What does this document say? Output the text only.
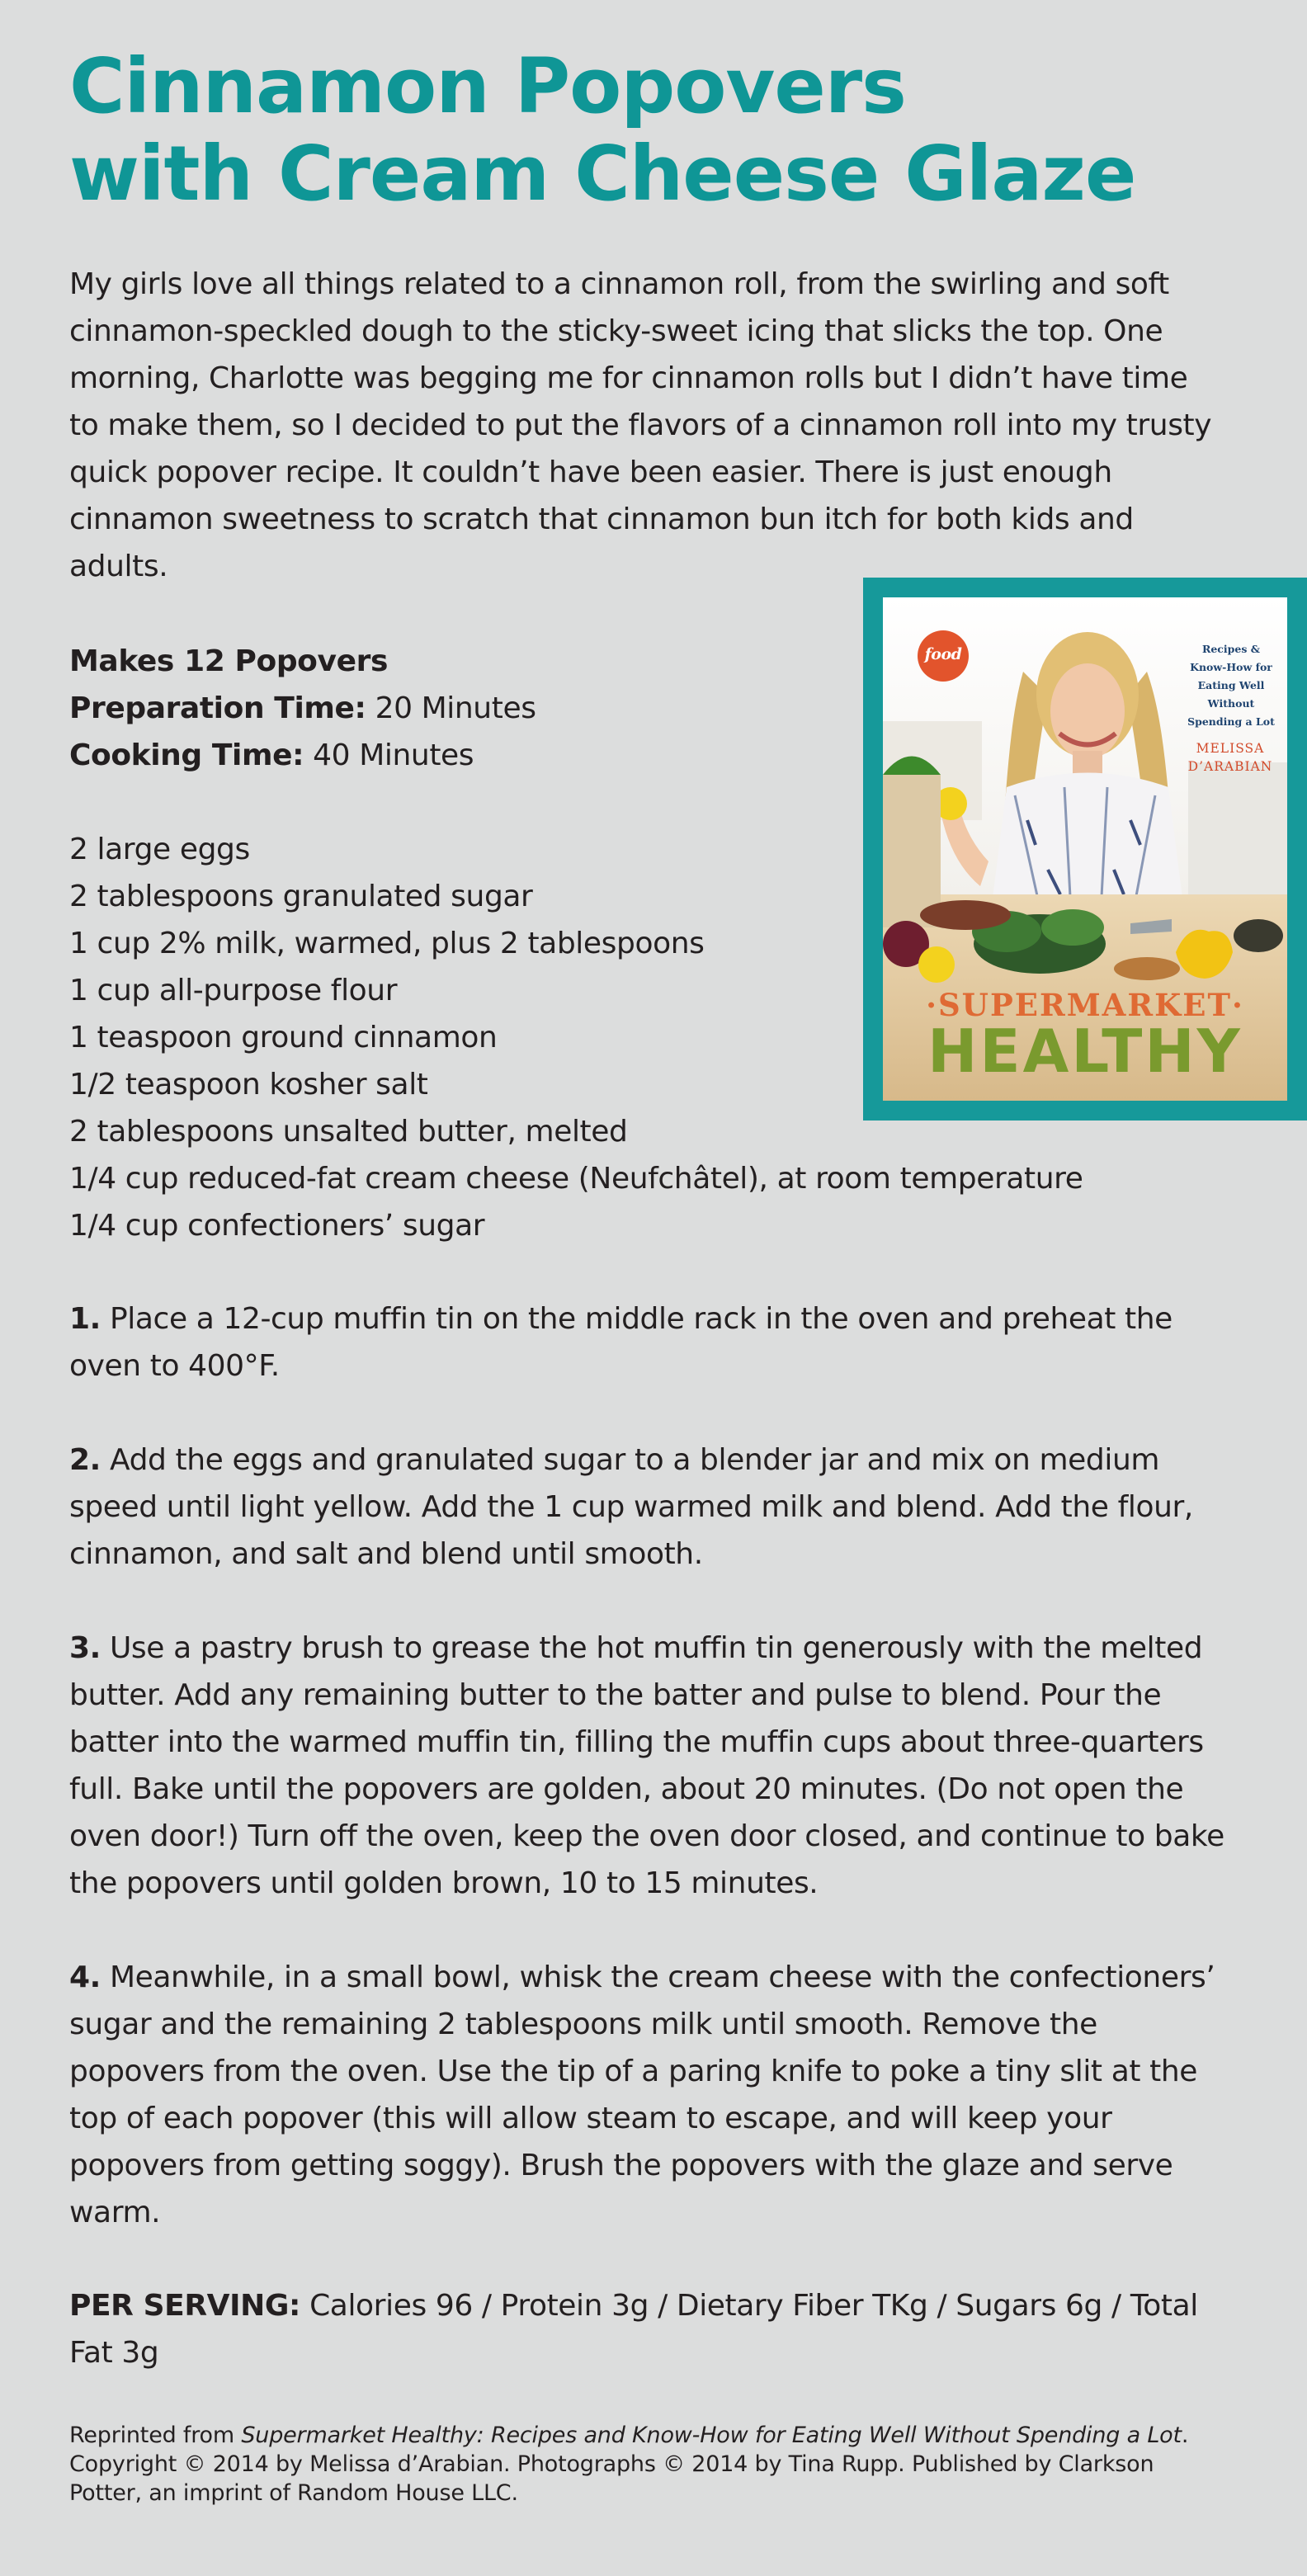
Cinnamon Popovers
with Cream Cheese Glaze

My girls love all things related to a cinnamon roll, from the swirling and soft cinnamon-speckled dough to the sticky-sweet icing that slicks the top. One morning, Charlotte was begging me for cinnamon rolls but I didn’t have time to make them, so I decided to put the flavors of a cinnamon roll into my trusty quick popover recipe. It couldn’t have been easier. There is just enough cinnamon sweetness to scratch that cinnamon bun itch for both kids and adults.

Makes 12 Popovers
Preparation Time: 20 Minutes
Cooking Time: 40 Minutes
2 large eggs
2 tablespoons granulated sugar
1 cup 2% milk, warmed, plus 2 tablespoons
1 cup all-purpose flour
1 teaspoon ground cinnamon
1/2 teaspoon kosher salt
2 tablespoons unsalted butter, melted
1/4 cup reduced-fat cream cheese (Neufchâtel), at room temperature
1/4 cup confectioners’ sugar

1. Place a 12-cup muffin tin on the middle rack in the oven and preheat the oven to 400°F.

2. Add the eggs and granulated sugar to a blender jar and mix on medium speed until light yellow. Add the 1 cup warmed milk and blend. Add the flour, cinnamon, and salt and blend until smooth.

3. Use a pastry brush to grease the hot muffin tin generously with the melted butter. Add any remaining butter to the batter and pulse to blend. Pour the batter into the warmed muffin tin, filling the muffin cups about three-quarters full. Bake until the popovers are golden, about 20 minutes. (Do not open the oven door!) Turn off the oven, keep the oven door closed, and continue to bake the popovers until golden brown, 10 to 15 minutes.

4. Meanwhile, in a small bowl, whisk the cream cheese with the confectioners’ sugar and the remaining 2 tablespoons milk until smooth. Remove the popovers from the oven. Use the tip of a paring knife to poke a tiny slit at the top of each popover (this will allow steam to escape, and will keep your popovers from getting soggy). Brush the popovers with the glaze and serve warm.

PER SERVING: Calories 96 / Protein 3g / Dietary Fiber TKg / Sugars 6g / Total Fat 3g

Reprinted from Supermarket Healthy: Recipes and Know-How for Eating Well Without Spending a Lot. Copyright © 2014 by Melissa d’Arabian. Photographs © 2014 by Tina Rupp. Published by Clarkson Potter, an imprint of Random House LLC.

food	Recipes & Know-How for Eating Well Without Spending a Lot

MELISSA
D’ARABIAN

·SUPERMARKET·

HEALTHY
